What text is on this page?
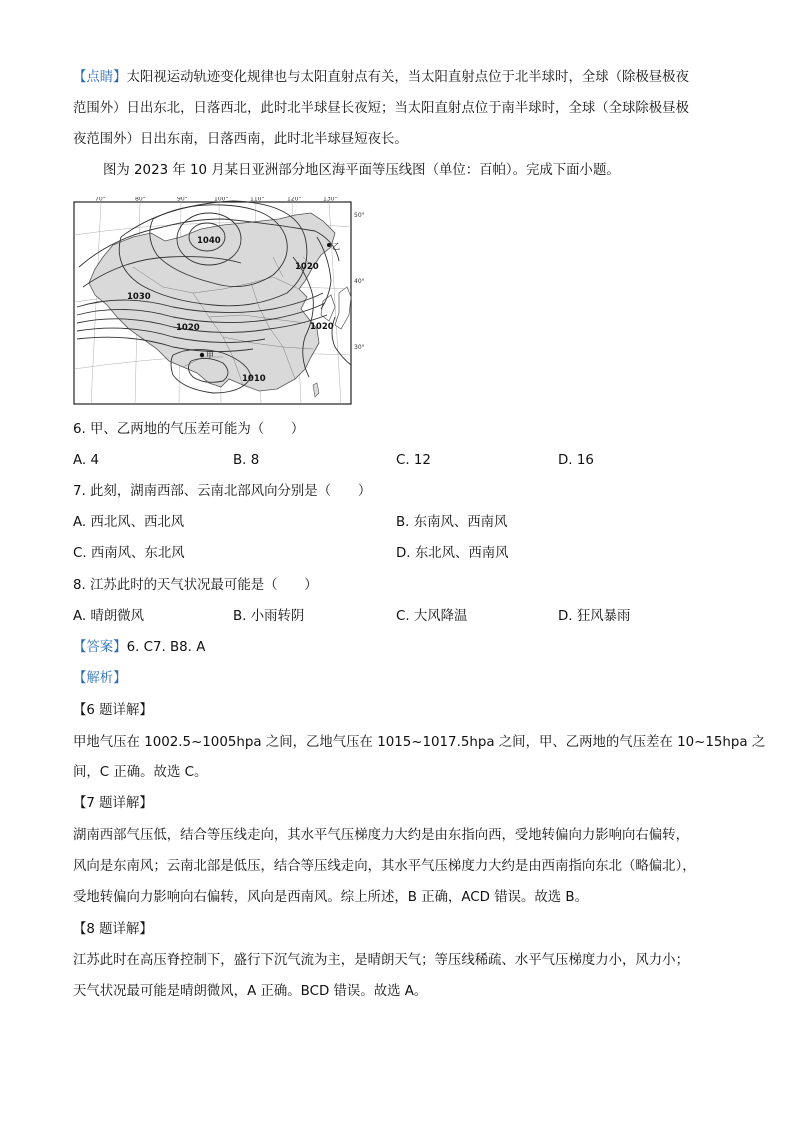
【点睛】太阳视运动轨迹变化规律也与太阳直射点有关，当太阳直射点位于北半球时，全球（除极昼极夜
范围外）日出东北，日落西北，此时北半球昼长夜短；当太阳直射点位于南半球时，全球（全球除极昼极
夜范围外）日出东南，日落西南，此时北半球昼短夜长。
图为 2023 年 10 月某日亚洲部分地区海平面等压线图（单位：百帕）。完成下面小题。
70°	80°	90°	100°	110°	120°	130°
50°
40°
30°
1040
1030
1020
1020
1020
1010
甲
乙
6. 甲、乙两地的气压差可能为（　　）
A. 4	B. 8	C. 12	D. 16
7. 此刻，湖南西部、云南北部风向分别是（　　）
A. 西北风、西北风	B. 东南风、西南风
C. 西南风、东北风	D. 东北风、西南风
8. 江苏此时的天气状况最可能是（　　）
A. 晴朗微风	B. 小雨转阴	C. 大风降温	D. 狂风暴雨
【答案】6. C7. B8. A
【解析】
【6 题详解】
甲地气压在 1002.5~1005hpa 之间，乙地气压在 1015~1017.5hpa 之间，甲、乙两地的气压差在 10~15hpa 之
间，C 正确。故选 C。
【7 题详解】
湖南西部气压低，结合等压线走向，其水平气压梯度力大约是由东指向西，受地转偏向力影响向右偏转，
风向是东南风；云南北部是低压，结合等压线走向，其水平气压梯度力大约是由西南指向东北（略偏北），
受地转偏向力影响向右偏转，风向是西南风。综上所述，B 正确，ACD 错误。故选 B。
【8 题详解】
江苏此时在高压脊控制下，盛行下沉气流为主，是晴朗天气；等压线稀疏、水平气压梯度力小，风力小；
天气状况最可能是晴朗微风，A 正确。BCD 错误。故选 A。
